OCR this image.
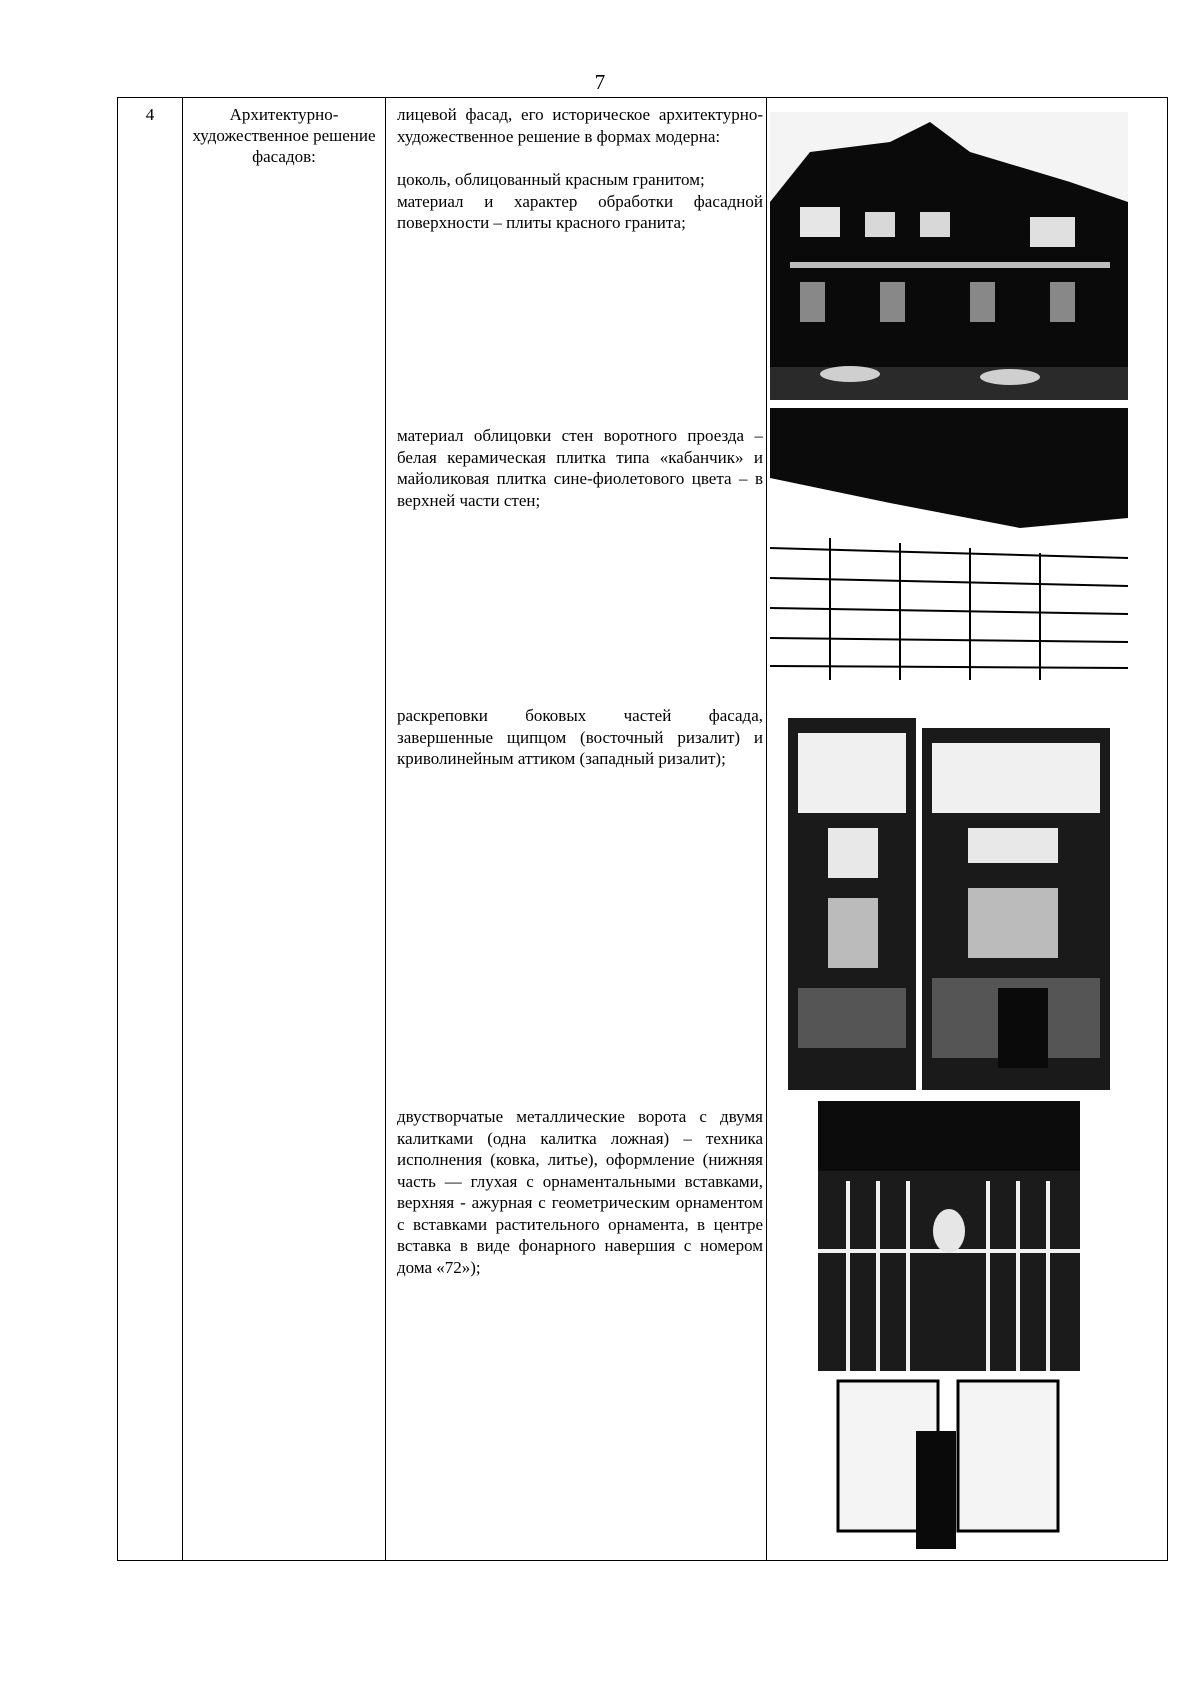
7
4	Архитектурно-художественное решение фасадов:

лицевой фасад, его историческое архитектурно-художественное решение в формах модерна:

цоколь, облицованный красным гранитом;

материал и характер обработки фасадной поверхности – плиты красного гранита;

материал облицовки стен воротного проезда – белая керамическая плитка типа «кабанчик» и майоликовая плитка сине-фиолетового цвета – в верхней части стен;

раскреповки боковых частей фасада, завершенные щипцом (восточный ризалит) и криволинейным аттиком (западный ризалит);

двустворчатые металлические ворота с двумя калитками (одна калитка ложная) – техника исполнения (ковка, литье), оформление (нижняя часть — глухая с орнаментальными вставками, верхняя - ажурная с геометрическим орнаментом с вставками растительного орнамента, в центре вставка в виде фонарного навершия с номером дома «72»);
